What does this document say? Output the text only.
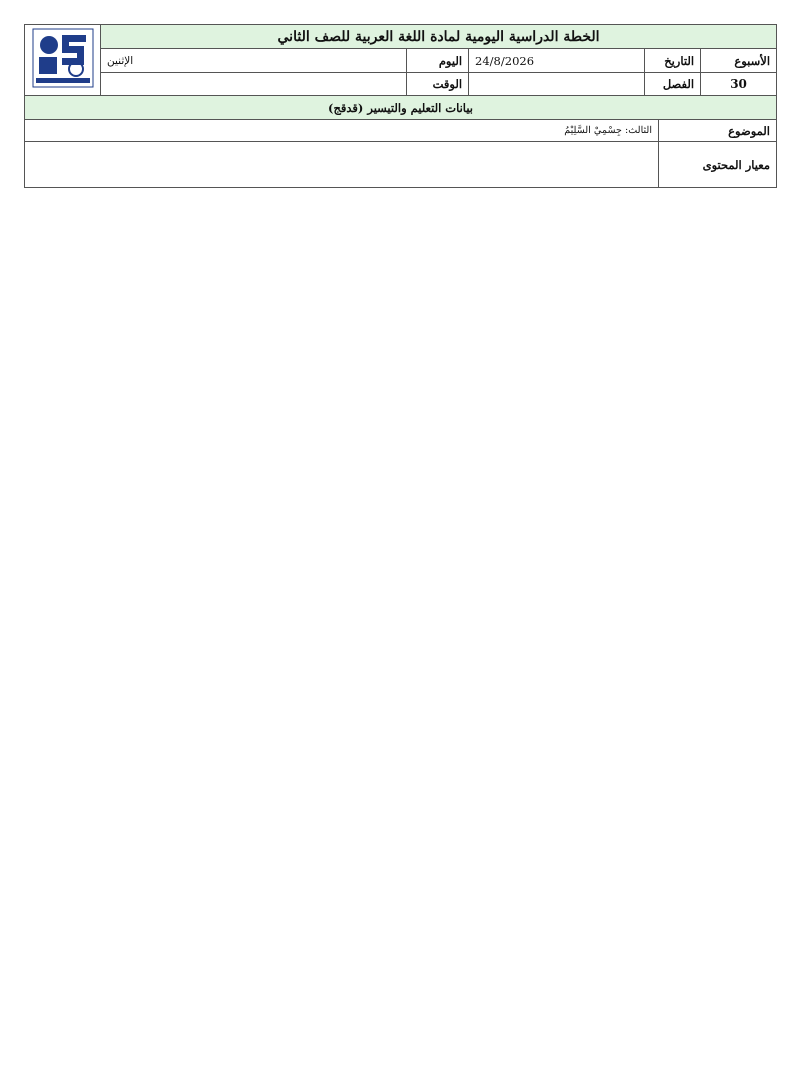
الخطة الدراسية اليومية لمادة اللغة العربية للصف الثاني	
الأسبوع	التاريخ	24/8/2026	اليوم	الإثنين	
30	الفصل		الوقت		
بيانات التعليم والتيسير (قدقج)
الموضوع	الثالث: جِسْمِيْ السَّلِيْمُ
معيار المحتوى	
